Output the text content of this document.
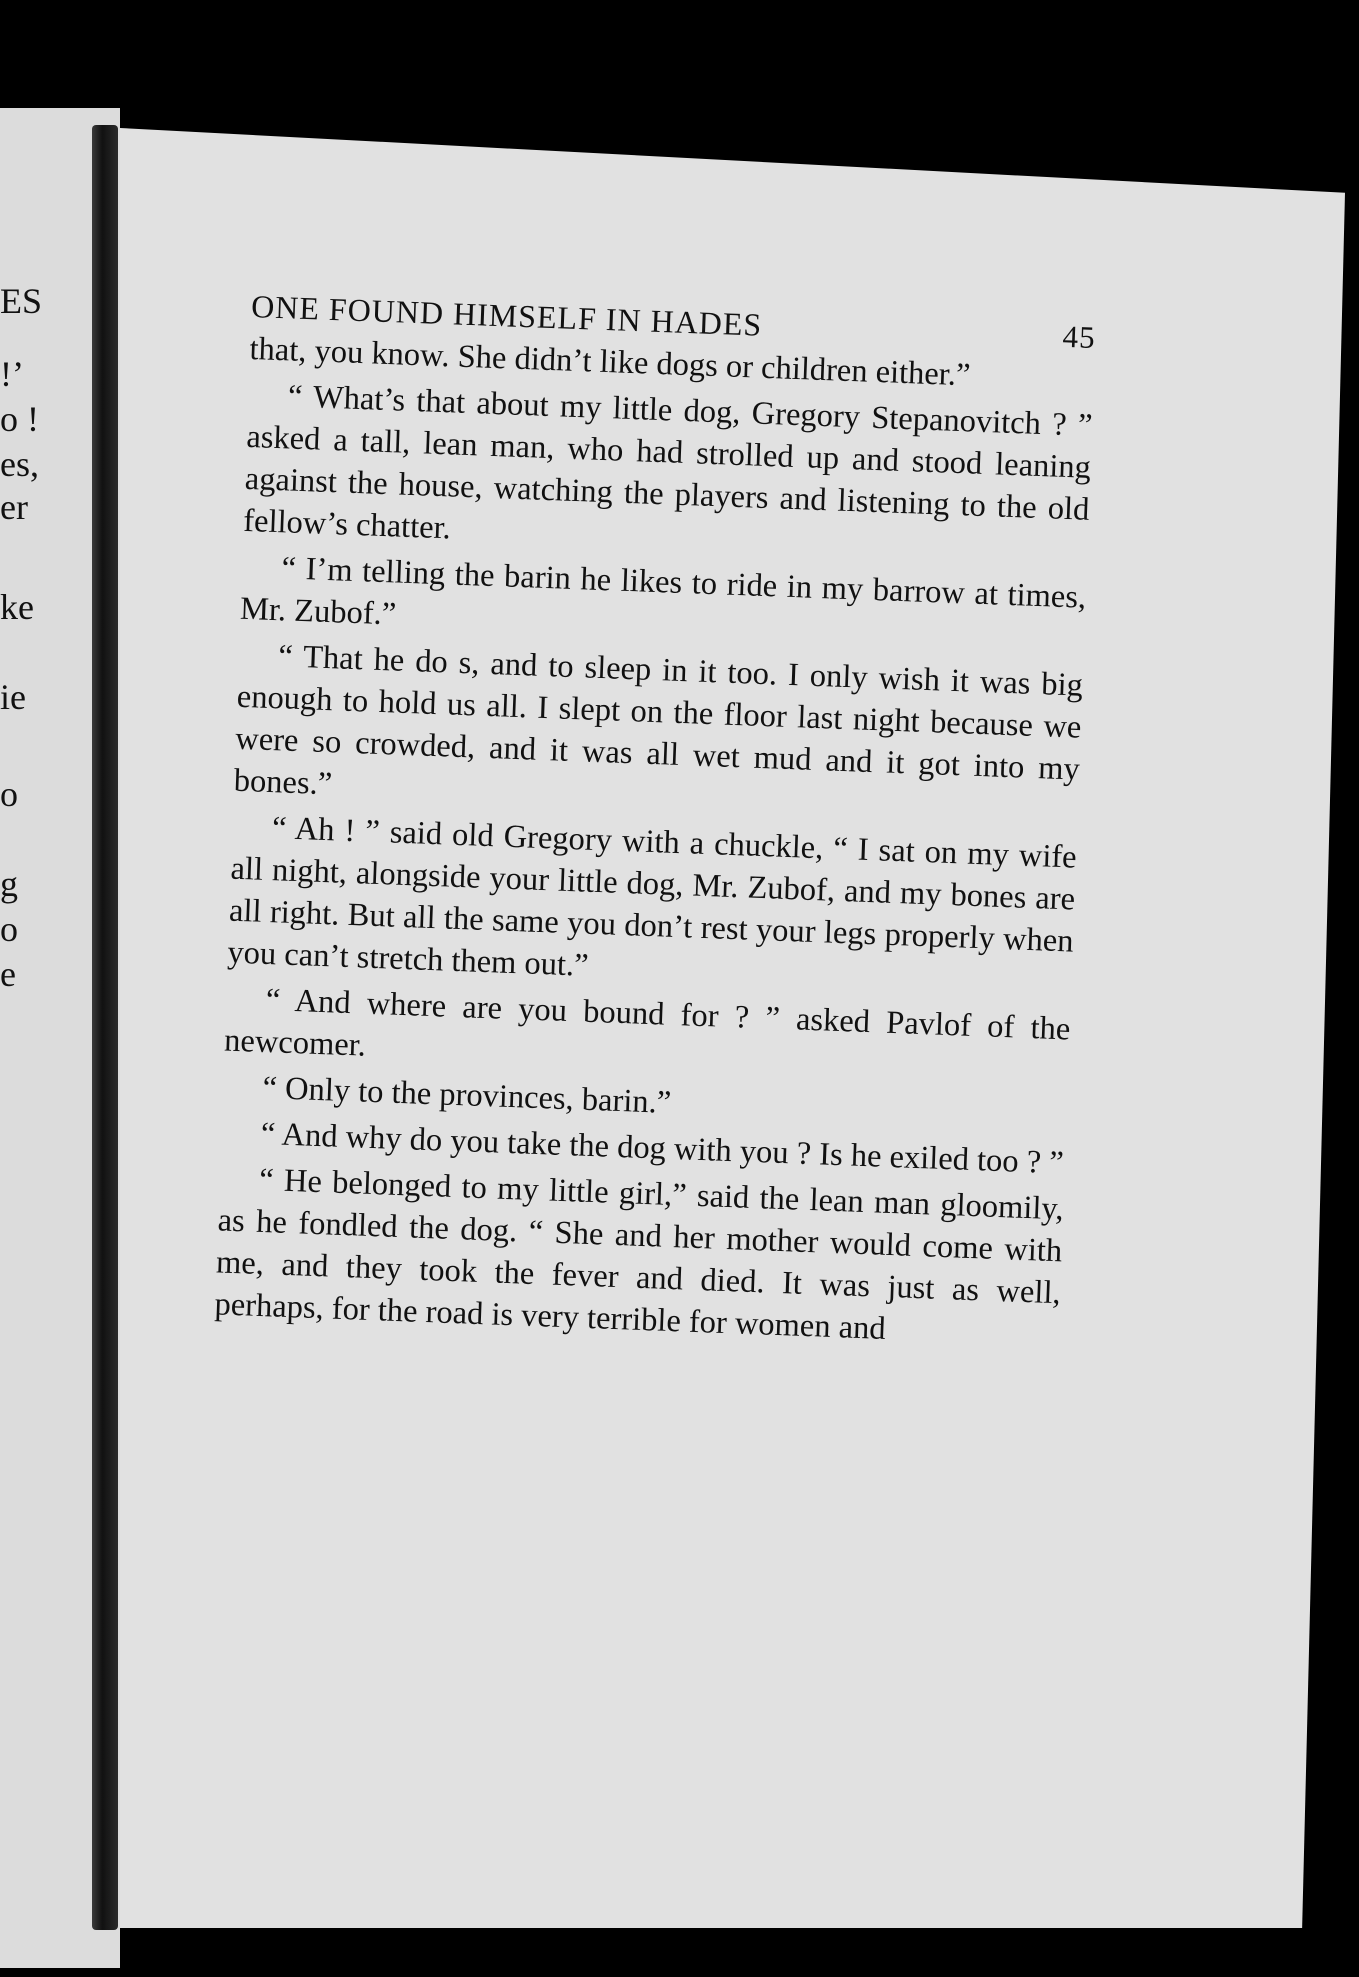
ES
!’
o !
es,
er
ke
ie
o
g
o
e
ONE FOUND HIMSELF IN HADES	45

that, you know. She didn’t like dogs or children either.”

“ What’s that about my little dog, Gregory Stepanovitch ? ” asked a tall, lean man, who had strolled up and stood leaning against the house, watching the players and listening to the old fellow’s chatter.

“ I’m telling the barin he likes to ride in my barrow at times, Mr. Zubof.”

“ That he do s, and to sleep in it too. I only wish it was big enough to hold us all. I slept on the floor last night because we were so crowded, and it was all wet mud and it got into my bones.”

“ Ah ! ” said old Gregory with a chuckle, “ I sat on my wife all night, alongside your little dog, Mr. Zubof, and my bones are all right. But all the same you don’t rest your legs properly when you can’t stretch them out.”

“ And where are you bound for ? ” asked Pavlof of the newcomer.

“ Only to the provinces, barin.”

“ And why do you take the dog with you ? Is he exiled too ? ”

“ He belonged to my little girl,” said the lean man gloomily, as he fondled the dog. “ She and her mother would come with me, and they took the fever and died. It was just as well, perhaps, for the road is very terrible for women and
